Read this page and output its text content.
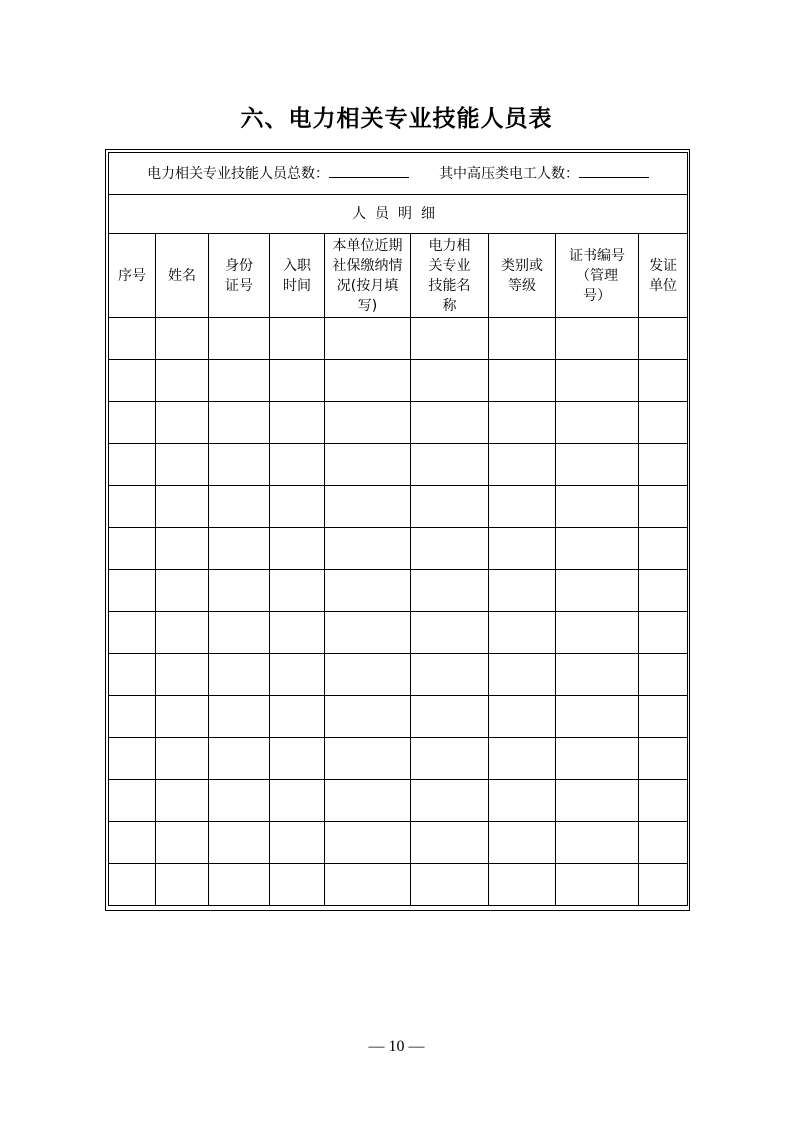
六、电力相关专业技能人员表
电力相关专业技能人员总数： 其中高压类电工人数：								
人员明细								
序号	姓名	身份证号	入职时间	本单位近期社保缴纳情况(按月填写)	电力相关专业技能名称	类别或等级	证书编号（管理号）	发证单位

— 10 —
